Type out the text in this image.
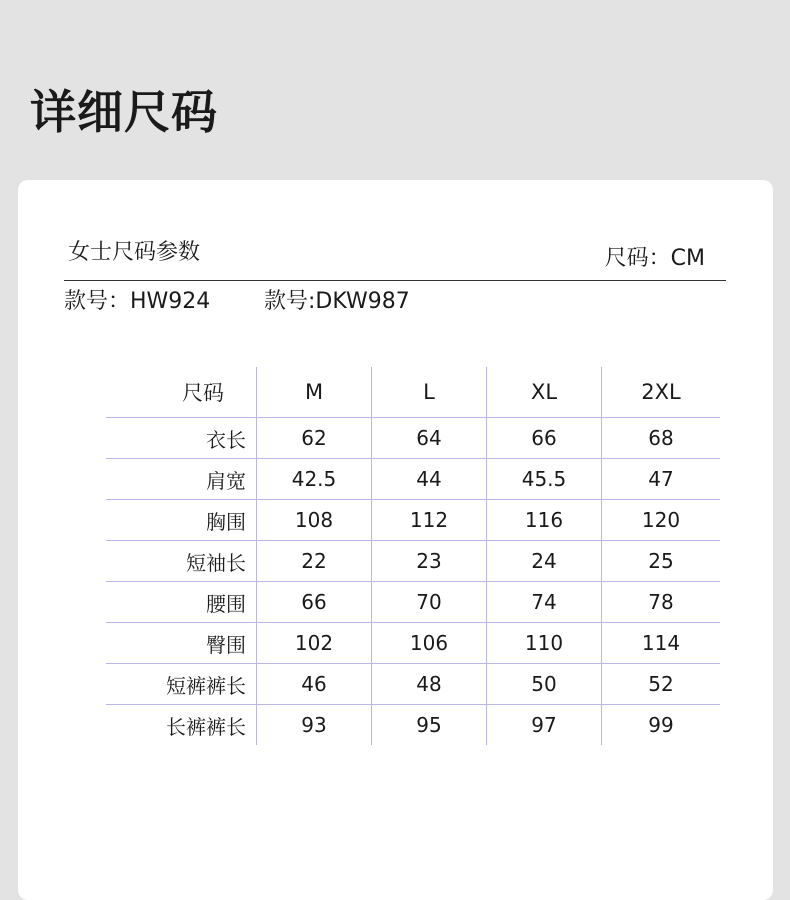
详细尺码
女士尺码参数	尺码：CM
款号：HW924 款号:DKW987
尺码	M	L	XL	2XL
衣长	62	64	66	68
肩宽	42.5	44	45.5	47
胸围	108	112	116	120
短袖长	22	23	24	25
腰围	66	70	74	78
臀围	102	106	110	114
短裤裤长	46	48	50	52
长裤裤长	93	95	97	99
